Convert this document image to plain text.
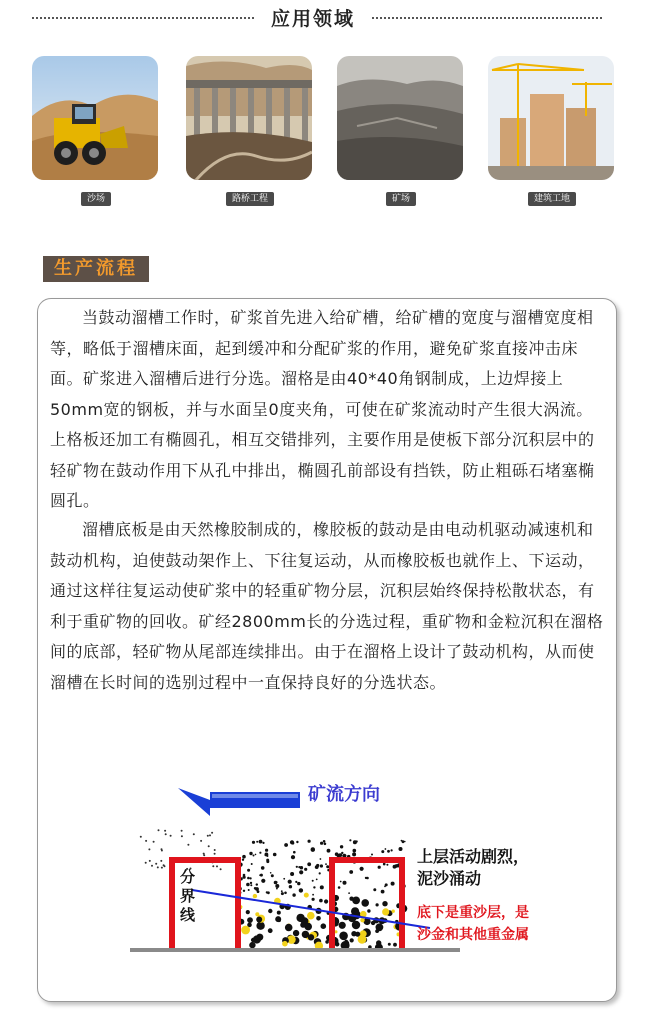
应用领域
沙场	路桥工程	矿场	建筑工地
生产流程

当鼓动溜槽工作时，矿浆首先进入给矿槽，给矿槽的宽度与溜槽宽度相等，略低于溜槽床面，起到缓冲和分配矿浆的作用，避免矿浆直接冲击床面。矿浆进入溜槽后进行分选。溜格是由40*40角钢制成，上边焊接上50mm宽的钢板，并与水面呈0度夹角，可使在矿浆流动时产生很大涡流。上格板还加工有椭圆孔，相互交错排列，主要作用是使板下部分沉积层中的轻矿物在鼓动作用下从孔中排出，椭圆孔前部设有挡铁，防止粗砾石堵塞椭圆孔。

溜槽底板是由天然橡胶制成的，橡胶板的鼓动是由电动机驱动减速机和鼓动机构，迫使鼓动架作上、下往复运动，从而橡胶板也就作上、下运动，通过这样往复运动使矿浆中的轻重矿物分层，沉积层始终保持松散状态，有利于重矿物的回收。矿经2800mm长的分选过程，重矿物和金粒沉积在溜格间的底部，轻矿物从尾部连续排出。由于在溜格上设计了鼓动机构，从而使溜槽在长时间的选别过程中一直保持良好的分选状态。

矿流方向
分界线
上层活动剧烈，
泥沙涌动
底下是重沙层，是
沙金和其他重金属
